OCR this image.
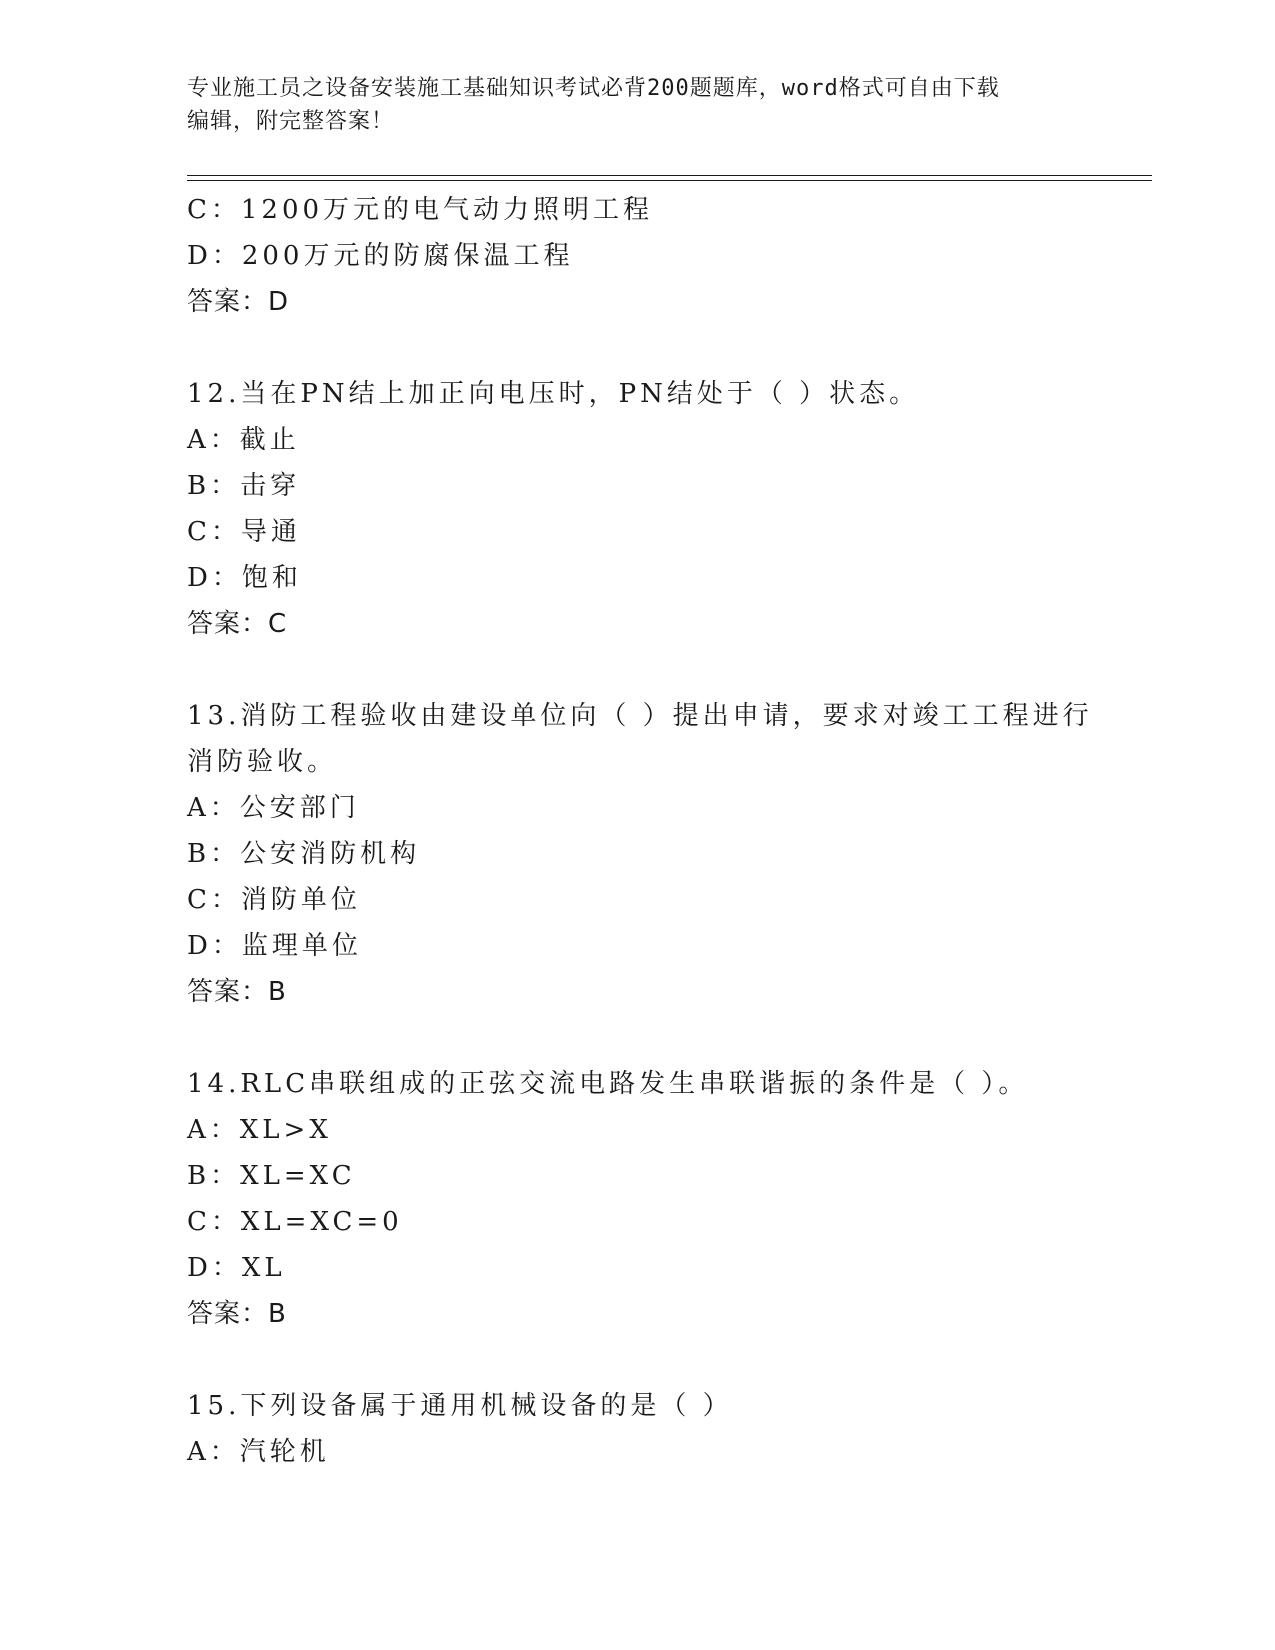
专业施工员之设备安装施工基础知识考试必背200题题库，word格式可自由下载
编辑，附完整答案！
C：1200万元的电气动力照明工程
D：200万元的防腐保温工程
答案：D
12.当在PN结上加正向电压时，PN结处于（ ）状态。
A：截止
B：击穿
C：导通
D：饱和
答案：C
13.消防工程验收由建设单位向（ ）提出申请，要求对竣工工程进行
消防验收。
A：公安部门
B：公安消防机构
C：消防单位
D：监理单位
答案：B
14.RLC串联组成的正弦交流电路发生串联谐振的条件是（ ）。
A：XL>X
B：XL=XC
C：XL=XC=0
D：XL
答案：B
15.下列设备属于通用机械设备的是（ ）
A：汽轮机
